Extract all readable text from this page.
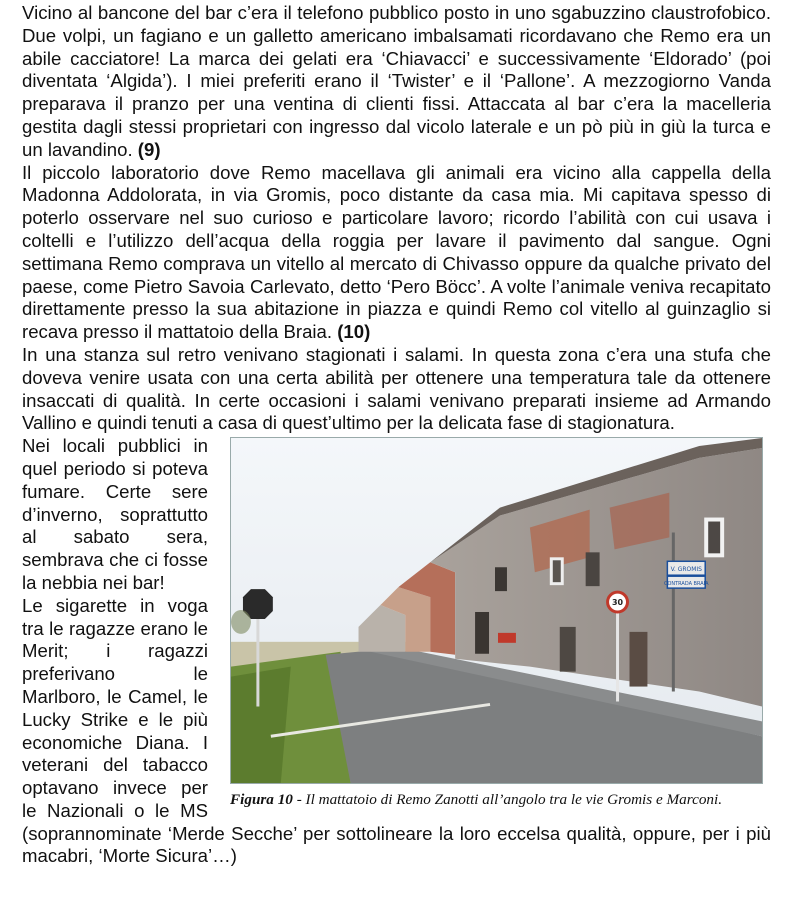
Vicino al bancone del bar c’era il telefono pubblico posto in uno sgabuzzino claustrofobico. Due volpi, un fagiano e un galletto americano imbalsamati ricordavano che Remo era un abile cacciatore! La marca dei gelati era ‘Chiavacci’ e successivamente ‘Eldorado’ (poi diventata ‘Algida’). I miei preferiti erano il ‘Twister’ e il ‘Pallone’. A mezzogiorno Vanda preparava il pranzo per una ventina di clienti fissi. Attaccata al bar c’era la macelleria gestita dagli stessi proprietari con ingresso dal vicolo laterale e un pò più in giù la turca e un lavandino. (9)

Il piccolo laboratorio dove Remo macellava gli animali era vicino alla cappella della Madonna Addolorata, in via Gromis, poco distante da casa mia. Mi capitava spesso di poterlo osservare nel suo curioso e particolare lavoro; ricordo l’abilità con cui usava i coltelli e l’utilizzo dell’acqua della roggia per lavare il pavimento dal sangue. Ogni settimana Remo comprava un vitello al mercato di Chivasso oppure da qualche privato del paese, come Pietro Savoia Carlevato, detto ‘Pero Böcc’. A volte l’animale veniva recapitato direttamente presso la sua abitazione in piazza e quindi Remo col vitello al guinzaglio si recava presso il mattatoio della Braia. (10)

In una stanza sul retro venivano stagionati i salami. In questa zona c’era una stufa che doveva venire usata con una certa abilità per ottenere una temperatura tale da ottenere insaccati di qualità. In certe occasioni i salami venivano preparati insieme ad Armando Vallino e quindi tenuti a casa di quest’ultimo per la delicata fase di stagionatura.

V. GROMIS
CONTRADA BRAIA
30
Figura 10 - Il mattatoio di Remo Zanotti all’angolo tra le vie Gromis e Marconi.

Nei locali pubblici in quel periodo si poteva fumare. Certe sere d’inverno, soprattutto al sabato sera, sembrava che ci fosse la nebbia nei bar!

Le sigarette in voga tra le ragazze erano le Merit; i ragazzi preferivano le Marlboro, le Camel, le Lucky Strike e le più economiche Diana. I veterani del tabacco optavano invece per le Nazionali o le MS (soprannominate ‘Merde Secche’ per sottolineare la loro eccelsa qualità, oppure, per i più macabri, ‘Morte Sicura’…)
